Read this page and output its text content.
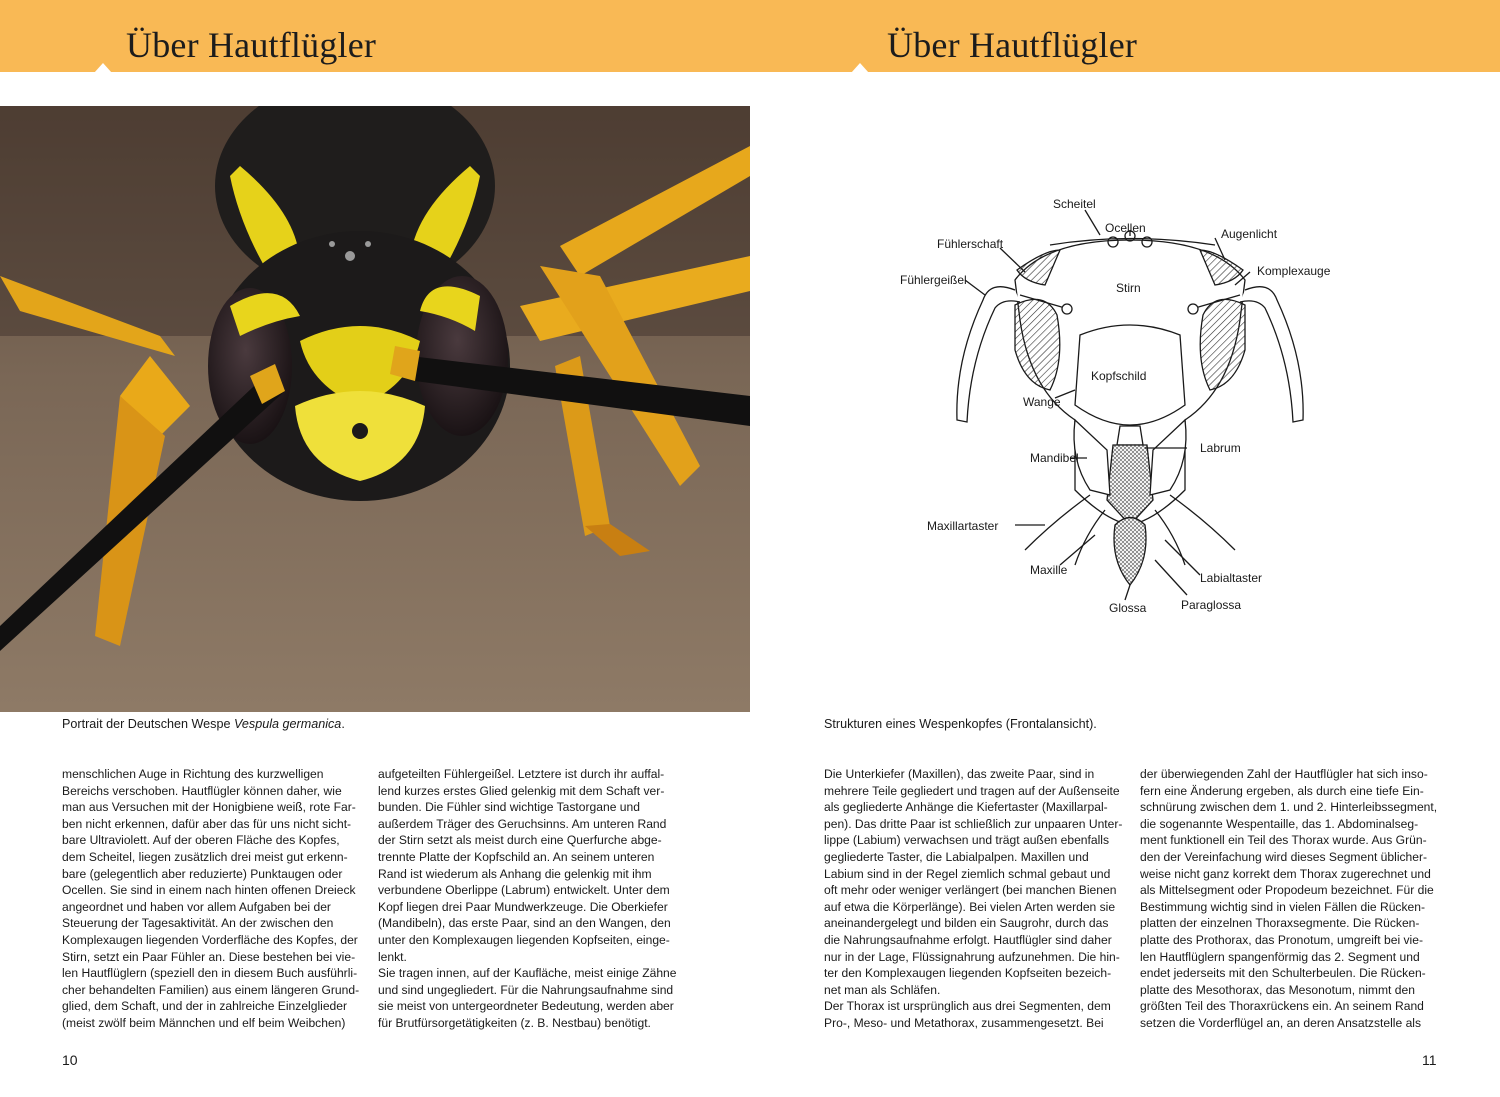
Über Hautflügler	Über Hautflügler
Portrait der Deutschen Wespe Vespula germanica.
menschlichen Auge in Richtung des kurzwelligen
Bereichs verschoben. Hautflügler können daher, wie
man aus Versuchen mit der Honigbiene weiß, rote Far-
ben nicht erkennen, dafür aber das für uns nicht sicht-
bare Ultraviolett. Auf der oberen Fläche des Kopfes,
dem Scheitel, liegen zusätzlich drei meist gut erkenn-
bare (gelegentlich aber reduzierte) Punktaugen oder
Ocellen. Sie sind in einem nach hinten offenen Dreieck
angeordnet und haben vor allem Aufgaben bei der
Steuerung der Tagesaktivität. An der zwischen den
Komplexaugen liegenden Vorderfläche des Kopfes, der
Stirn, setzt ein Paar Fühler an. Diese bestehen bei vie-
len Hautflüglern (speziell den in diesem Buch ausführli-
cher behandelten Familien) aus einem längeren Grund-
glied, dem Schaft, und der in zahlreiche Einzelglieder
(meist zwölf beim Männchen und elf beim Weibchen)
aufgeteilten Fühlergeißel. Letztere ist durch ihr auffal-
lend kurzes erstes Glied gelenkig mit dem Schaft ver-
bunden. Die Fühler sind wichtige Tastorgane und
außerdem Träger des Geruchsinns. Am unteren Rand
der Stirn setzt als meist durch eine Querfurche abge-
trennte Platte der Kopfschild an. An seinem unteren
Rand ist wiederum als Anhang die gelenkig mit ihm
verbundene Oberlippe (Labrum) entwickelt. Unter dem
Kopf liegen drei Paar Mundwerkzeuge. Die Oberkiefer
(Mandibeln), das erste Paar, sind an den Wangen, den
unter den Komplexaugen liegenden Kopfseiten, einge-
lenkt.
Sie tragen innen, auf der Kaufläche, meist einige Zähne
und sind ungegliedert. Für die Nahrungsaufnahme sind
sie meist von untergeordneter Bedeutung, werden aber
für Brutfürsorgetätigkeiten (z. B. Nestbau) benötigt.
10
Scheitel
Ocellen	Augenlicht
Fühlerschaft
Komplexauge
Fühlergeißel
Stirn
Kopfschild
Wange
Labrum
Mandibel
Maxillartaster
Maxille
Labialtaster
Glossa	Paraglossa
Strukturen eines Wespenkopfes (Frontalansicht).
Die Unterkiefer (Maxillen), das zweite Paar, sind in
mehrere Teile gegliedert und tragen auf der Außenseite
als gegliederte Anhänge die Kiefertaster (Maxillarpal-
pen). Das dritte Paar ist schließlich zur unpaaren Unter-
lippe (Labium) verwachsen und trägt außen ebenfalls
gegliederte Taster, die Labialpalpen. Maxillen und
Labium sind in der Regel ziemlich schmal gebaut und
oft mehr oder weniger verlängert (bei manchen Bienen
auf etwa die Körperlänge). Bei vielen Arten werden sie
aneinandergelegt und bilden ein Saugrohr, durch das
die Nahrungsaufnahme erfolgt. Hautflügler sind daher
nur in der Lage, Flüssignahrung aufzunehmen. Die hin-
ter den Komplexaugen liegenden Kopfseiten bezeich-
net man als Schläfen.
Der Thorax ist ursprünglich aus drei Segmenten, dem
Pro-, Meso- und Metathorax, zusammengesetzt. Bei
der überwiegenden Zahl der Hautflügler hat sich inso-
fern eine Änderung ergeben, als durch eine tiefe Ein-
schnürung zwischen dem 1. und 2. Hinterleibssegment,
die sogenannte Wespentaille, das 1. Abdominalseg-
ment funktionell ein Teil des Thorax wurde. Aus Grün-
den der Vereinfachung wird dieses Segment üblicher-
weise nicht ganz korrekt dem Thorax zugerechnet und
als Mittelsegment oder Propodeum bezeichnet. Für die
Bestimmung wichtig sind in vielen Fällen die Rücken-
platten der einzelnen Thoraxsegmente. Die Rücken-
platte des Prothorax, das Pronotum, umgreift bei vie-
len Hautflüglern spangenförmig das 2. Segment und
endet jederseits mit den Schulterbeulen. Die Rücken-
platte des Mesothorax, das Mesonotum, nimmt den
größten Teil des Thoraxrückens ein. An seinem Rand
setzen die Vorderflügel an, an deren Ansatzstelle als
11
